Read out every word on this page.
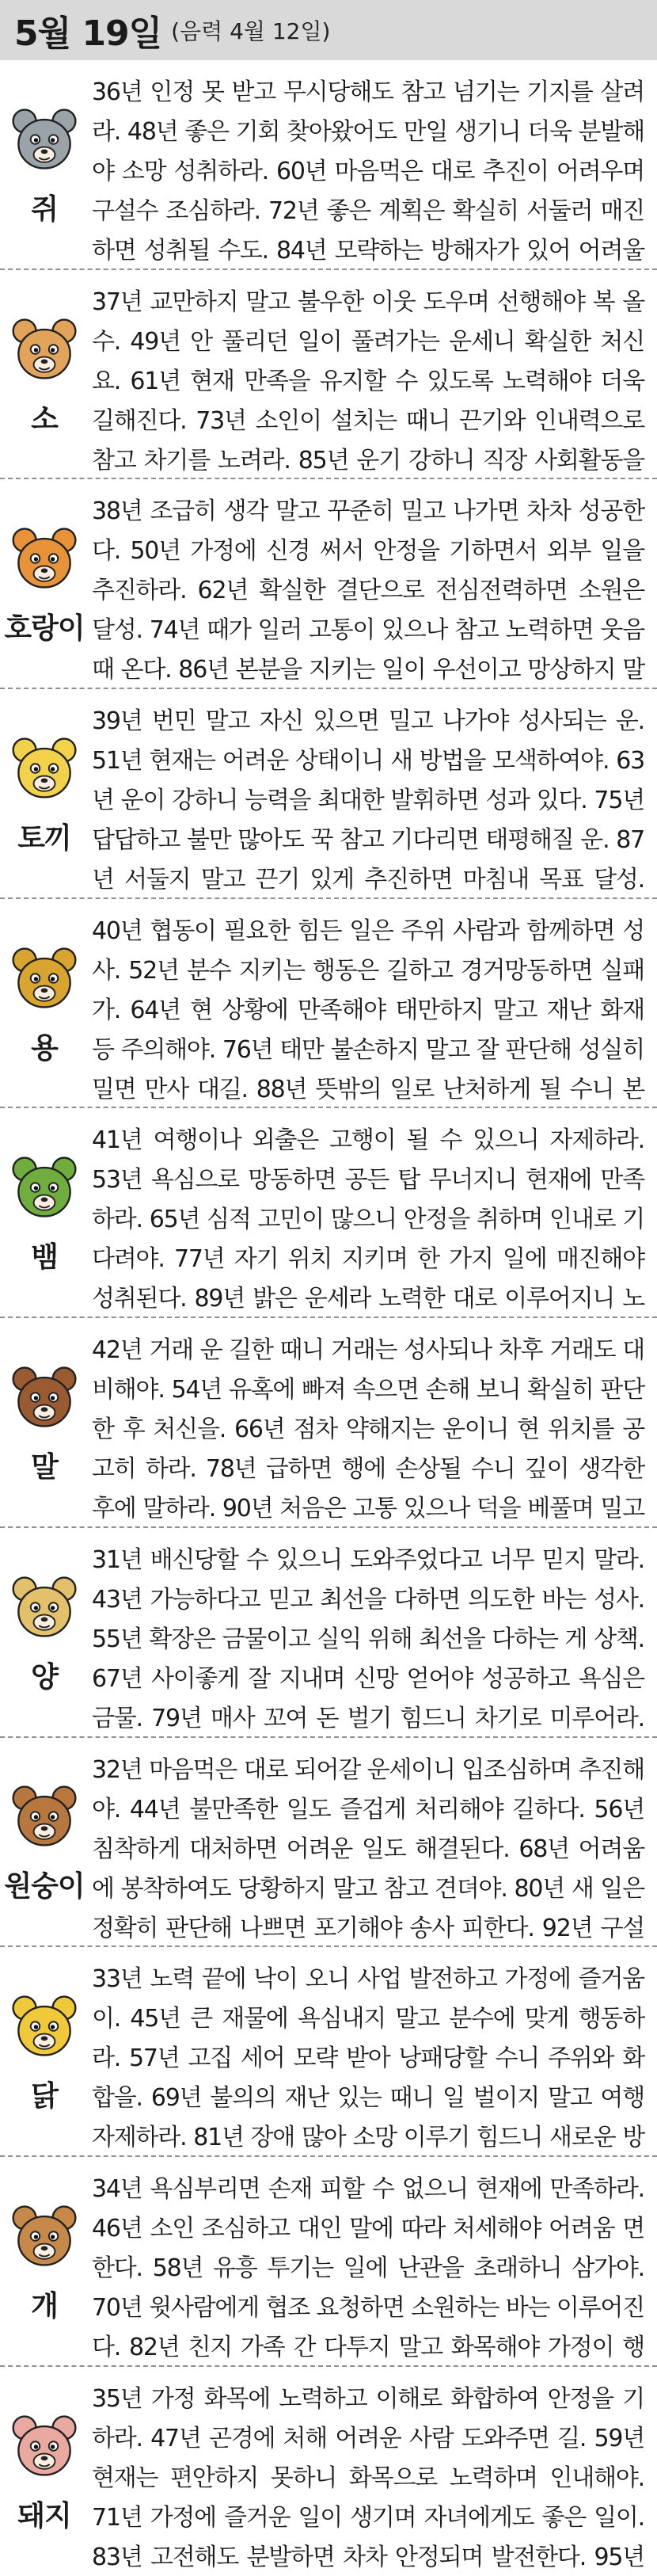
5월 19일 (음력 4월 12일)
쥐
36년 인정 못 받고 무시당해도 참고 넘기는 기지를 살려라. 48년 좋은 기회 찾아왔어도 만일 생기니 더욱 분발해야 소망 성취하라. 60년 마음먹은 대로 추진이 어려우며 구설수 조심하라. 72년 좋은 계획은 확실히 서둘러 매진하면 성취될 수도. 84년 모략하는 방해자가 있어 어려울
소
37년 교만하지 말고 불우한 이웃 도우며 선행해야 복 올 수. 49년 안 풀리던 일이 풀려가는 운세니 확실한 처신 요. 61년 현재 만족을 유지할 수 있도록 노력해야 더욱 길해진다. 73년 소인이 설치는 때니 끈기와 인내력으로 참고 차기를 노려라. 85년 운기 강하니 직장 사회활동을
호랑이
38년 조급히 생각 말고 꾸준히 밀고 나가면 차차 성공한다. 50년 가정에 신경 써서 안정을 기하면서 외부 일을 추진하라. 62년 확실한 결단으로 전심전력하면 소원은 달성. 74년 때가 일러 고통이 있으나 참고 노력하면 웃음 때 온다. 86년 본분을 지키는 일이 우선이고 망상하지 말
토끼
39년 번민 말고 자신 있으면 밀고 나가야 성사되는 운. 51년 현재는 어려운 상태이니 새 방법을 모색하여야. 63년 운이 강하니 능력을 최대한 발휘하면 성과 있다. 75년 답답하고 불만 많아도 꾹 참고 기다리면 태평해질 운. 87년 서둘지 말고 끈기 있게 추진하면 마침내 목표 달성.
용
40년 협동이 필요한 힘든 일은 주위 사람과 함께하면 성사. 52년 분수 지키는 행동은 길하고 경거망동하면 실패가. 64년 현 상황에 만족해야 태만하지 말고 재난 화재 등 주의해야. 76년 태만 불손하지 말고 잘 판단해 성실히 밀면 만사 대길. 88년 뜻밖의 일로 난처하게 될 수니 본
뱀
41년 여행이나 외출은 고행이 될 수 있으니 자제하라. 53년 욕심으로 망동하면 공든 탑 무너지니 현재에 만족하라. 65년 심적 고민이 많으니 안정을 취하며 인내로 기다려야. 77년 자기 위치 지키며 한 가지 일에 매진해야 성취된다. 89년 밝은 운세라 노력한 대로 이루어지니 노
말
42년 거래 운 길한 때니 거래는 성사되나 차후 거래도 대비해야. 54년 유혹에 빠져 속으면 손해 보니 확실히 판단한 후 처신을. 66년 점차 약해지는 운이니 현 위치를 공고히 하라. 78년 급하면 행에 손상될 수니 깊이 생각한 후에 말하라. 90년 처음은 고통 있으나 덕을 베풀며 밀고
양
31년 배신당할 수 있으니 도와주었다고 너무 믿지 말라. 43년 가능하다고 믿고 최선을 다하면 의도한 바는 성사. 55년 확장은 금물이고 실익 위해 최선을 다하는 게 상책. 67년 사이좋게 잘 지내며 신망 얻어야 성공하고 욕심은 금물. 79년 매사 꼬여 돈 벌기 힘드니 차기로 미루어라.
원숭이
32년 마음먹은 대로 되어갈 운세이니 입조심하며 추진해야. 44년 불만족한 일도 즐겁게 처리해야 길하다. 56년 침착하게 대처하면 어려운 일도 해결된다. 68년 어려움에 봉착하여도 당황하지 말고 참고 견뎌야. 80년 새 일은 정확히 판단해 나쁘면 포기해야 송사 피한다. 92년 구설
닭
33년 노력 끝에 낙이 오니 사업 발전하고 가정에 즐거움이. 45년 큰 재물에 욕심내지 말고 분수에 맞게 행동하라. 57년 고집 세어 모략 받아 낭패당할 수니 주위와 화합을. 69년 불의의 재난 있는 때니 일 벌이지 말고 여행 자제하라. 81년 장애 많아 소망 이루기 힘드니 새로운 방
개
34년 욕심부리면 손재 피할 수 없으니 현재에 만족하라. 46년 소인 조심하고 대인 말에 따라 처세해야 어려움 면한다. 58년 유흥 투기는 일에 난관을 초래하니 삼가야. 70년 윗사람에게 협조 요청하면 소원하는 바는 이루어진다. 82년 친지 가족 간 다투지 말고 화목해야 가정이 행
돼지
35년 가정 화목에 노력하고 이해로 화합하여 안정을 기하라. 47년 곤경에 처해 어려운 사람 도와주면 길. 59년 현재는 편안하지 못하니 화목으로 노력하며 인내해야. 71년 가정에 즐거운 일이 생기며 자녀에게도 좋은 일이. 83년 고전해도 분발하면 차차 안정되며 발전한다. 95년
